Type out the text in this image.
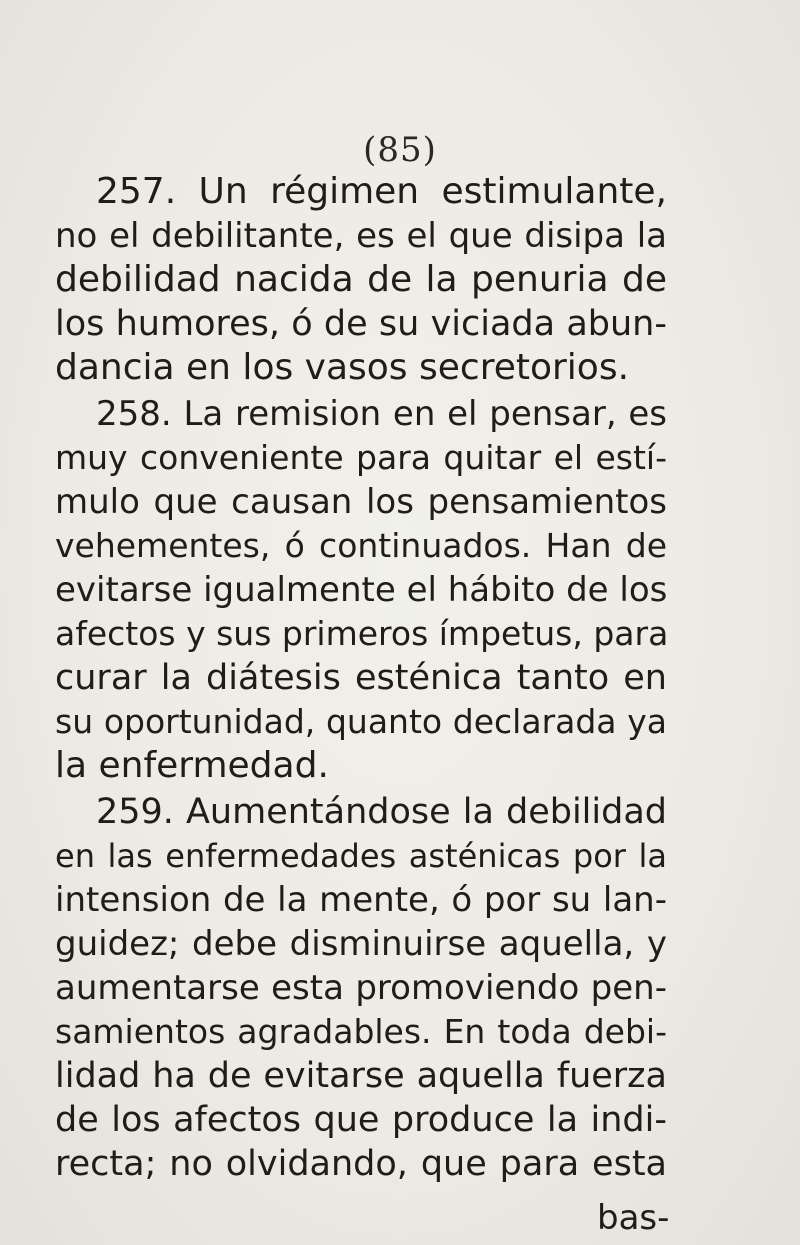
(85)
257. Un régimen estimulante,
no el debilitante, es el que disipa la
debilidad nacida de la penuria de
los humores, ó de su viciada abun-
dancia en los vasos secretorios.
258. La remision en el pensar, es
muy conveniente para quitar el estí-
mulo que causan los pensamientos
vehementes, ó continuados. Han de
evitarse igualmente el hábito de los
afectos y sus primeros ímpetus, para
curar la diátesis esténica tanto en
su oportunidad, quanto declarada ya
la enfermedad.
259. Aumentándose la debilidad
en las enfermedades asténicas por la
intension de la mente, ó por su lan-
guidez; debe disminuirse aquella, y
aumentarse esta promoviendo pen-
samientos agradables. En toda debi-
lidad ha de evitarse aquella fuerza
de los afectos que produce la indi-
recta; no olvidando, que para esta
bas-
